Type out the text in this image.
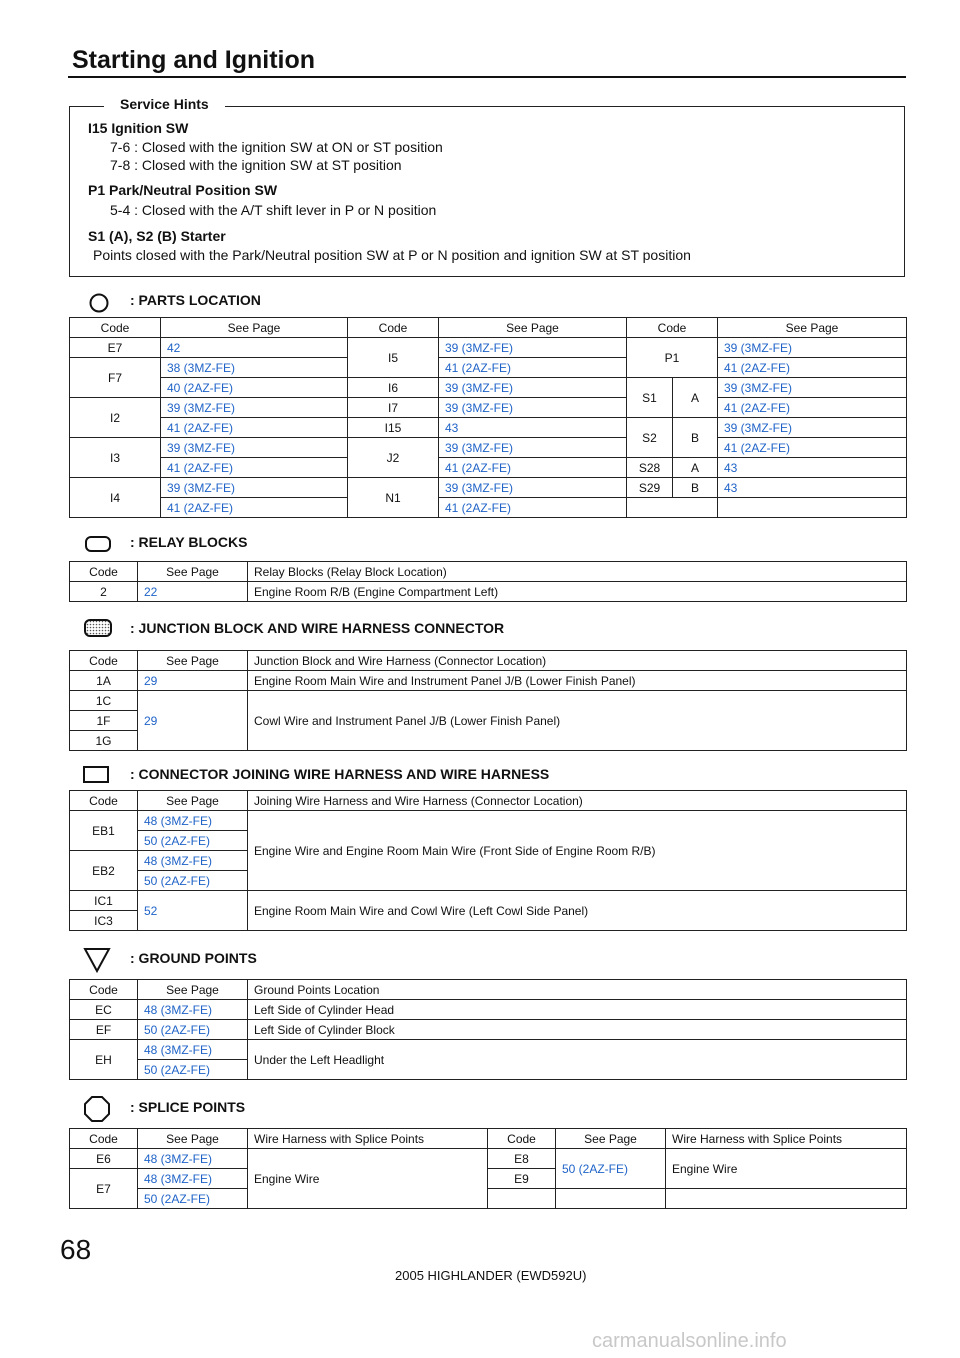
Starting and Ignition
I15 Ignition SW
7-6 : Closed with the ignition SW at ON or ST position
7-8 : Closed with the ignition SW at ST position
P1 Park/Neutral Position SW
5-4 : Closed with the A/T shift lever in P or N position
S1 (A), S2 (B) Starter
Points closed with the Park/Neutral position SW at P or N position and ignition SW at ST position
Service Hints
: PARTS LOCATION
Code	See Page	Code	See Page	Code		See Page
E7	42	I5	39 (3MZ-FE)	P1		39 (3MZ-FE)
F7	38 (3MZ-FE)		41 (2AZ-FE)			41 (2AZ-FE)
	40 (2AZ-FE)	I6	39 (3MZ-FE)	S1	A	39 (3MZ-FE)
I2	39 (3MZ-FE)	I7	39 (3MZ-FE)			41 (2AZ-FE)
	41 (2AZ-FE)	I15	43	S2	B	39 (3MZ-FE)
I3	39 (3MZ-FE)	J2	39 (3MZ-FE)			41 (2AZ-FE)
	41 (2AZ-FE)		41 (2AZ-FE)	S28	A	43
I4	39 (3MZ-FE)	N1	39 (3MZ-FE)	S29	B	43
	41 (2AZ-FE)		41 (2AZ-FE)			
: RELAY BLOCKS
Code	See Page	Relay Blocks (Relay Block Location)
2	22	Engine Room R/B (Engine Compartment Left)
: JUNCTION BLOCK AND WIRE HARNESS CONNECTOR
Code	See Page	Junction Block and Wire Harness (Connector Location)
1A	29	Engine Room Main Wire and Instrument Panel J/B (Lower Finish Panel)
1C	29	Cowl Wire and Instrument Panel J/B (Lower Finish Panel)
1F		
1G		
: CONNECTOR JOINING WIRE HARNESS AND WIRE HARNESS
Code	See Page	Joining Wire Harness and Wire Harness (Connector Location)
EB1	48 (3MZ-FE)	Engine Wire and Engine Room Main Wire (Front Side of Engine Room R/B)
	50 (2AZ-FE)	
EB2	48 (3MZ-FE)	
	50 (2AZ-FE)	
IC1	52	Engine Room Main Wire and Cowl Wire (Left Cowl Side Panel)
IC3		
: GROUND POINTS
Code	See Page	Ground Points Location
EC	48 (3MZ-FE)	Left Side of Cylinder Head
EF	50 (2AZ-FE)	Left Side of Cylinder Block
EH	48 (3MZ-FE)	Under the Left Headlight
	50 (2AZ-FE)	
: SPLICE POINTS
Code	See Page	Wire Harness with Splice Points	Code	See Page	Wire Harness with Splice Points
E6	48 (3MZ-FE)	Engine Wire	E8	50 (2AZ-FE)	Engine Wire
E7	48 (3MZ-FE)		E9		
	50 (2AZ-FE)				
68
2005 HIGHLANDER (EWD592U)
carmanualsonline.info
